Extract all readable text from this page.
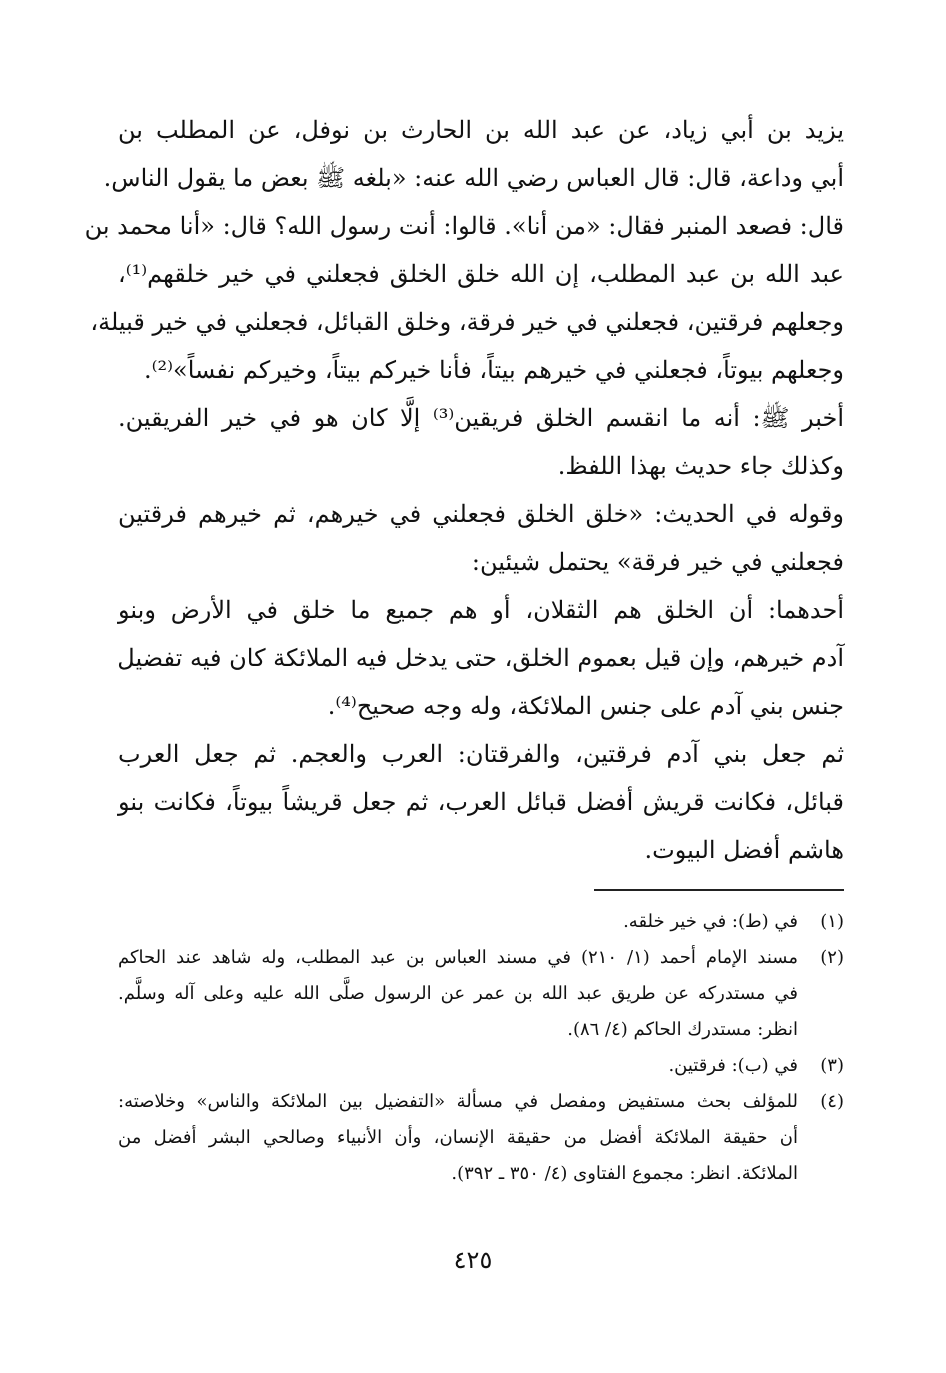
يزيد بن أبي زياد، عن عبد الله بن الحارث بن نوفل، عن المطلب بن
أبي وداعة، قال: قال العباس رضي الله عنه: «بلغه ﷺ بعض ما يقول الناس.
قال: فصعد المنبر فقال: «من أنا». قالوا: أنت رسول الله؟ قال: «أنا محمد بن
عبد الله بن عبد المطلب، إن الله خلق الخلق فجعلني في خير خلقهم⁽¹⁾،
وجعلهم فرقتين، فجعلني في خير فرقة، وخلق القبائل، فجعلني في خير قبيلة،
وجعلهم بيوتاً، فجعلني في خيرهم بيتاً، فأنا خيركم بيتاً، وخيركم نفساً»⁽²⁾.
أخبر ﷺ: أنه ما انقسم الخلق فريقين⁽³⁾ إلَّا كان هو في خير الفريقين.
وكذلك جاء حديث بهذا اللفظ.
وقوله في الحديث: «خلق الخلق فجعلني في خيرهم، ثم خيرهم فرقتين
فجعلني في خير فرقة» يحتمل شيئين:
أحدهما: أن الخلق هم الثقلان، أو هم جميع ما خلق في الأرض وبنو
آدم خيرهم، وإن قيل بعموم الخلق، حتى يدخل فيه الملائكة كان فيه تفضيل
جنس بني آدم على جنس الملائكة، وله وجه صحيح⁽⁴⁾.
ثم جعل بني آدم فرقتين، والفرقتان: العرب والعجم. ثم جعل العرب
قبائل، فكانت قريش أفضل قبائل العرب، ثم جعل قريشاً بيوتاً، فكانت بنو
هاشم أفضل البيوت.
(١)
في (ط): في خير خلقه.
(٢)
مسند الإمام أحمد (١/ ٢١٠) في مسند العباس بن عبد المطلب، وله شاهد عند الحاكم
في مستدركه عن طريق عبد الله بن عمر عن الرسول صلَّى الله عليه وعلى آله وسلَّم.
انظر: مستدرك الحاكم (٤/ ٨٦).
(٣)
في (ب): فرقتين.
(٤)
للمؤلف بحث مستفيض ومفصل في مسألة «التفضيل بين الملائكة والناس» وخلاصته:
أن حقيقة الملائكة أفضل من حقيقة الإنسان، وأن الأنبياء وصالحي البشر أفضل من
الملائكة. انظر: مجموع الفتاوى (٤/ ٣٥٠ ـ ٣٩٢).
٤٢٥
